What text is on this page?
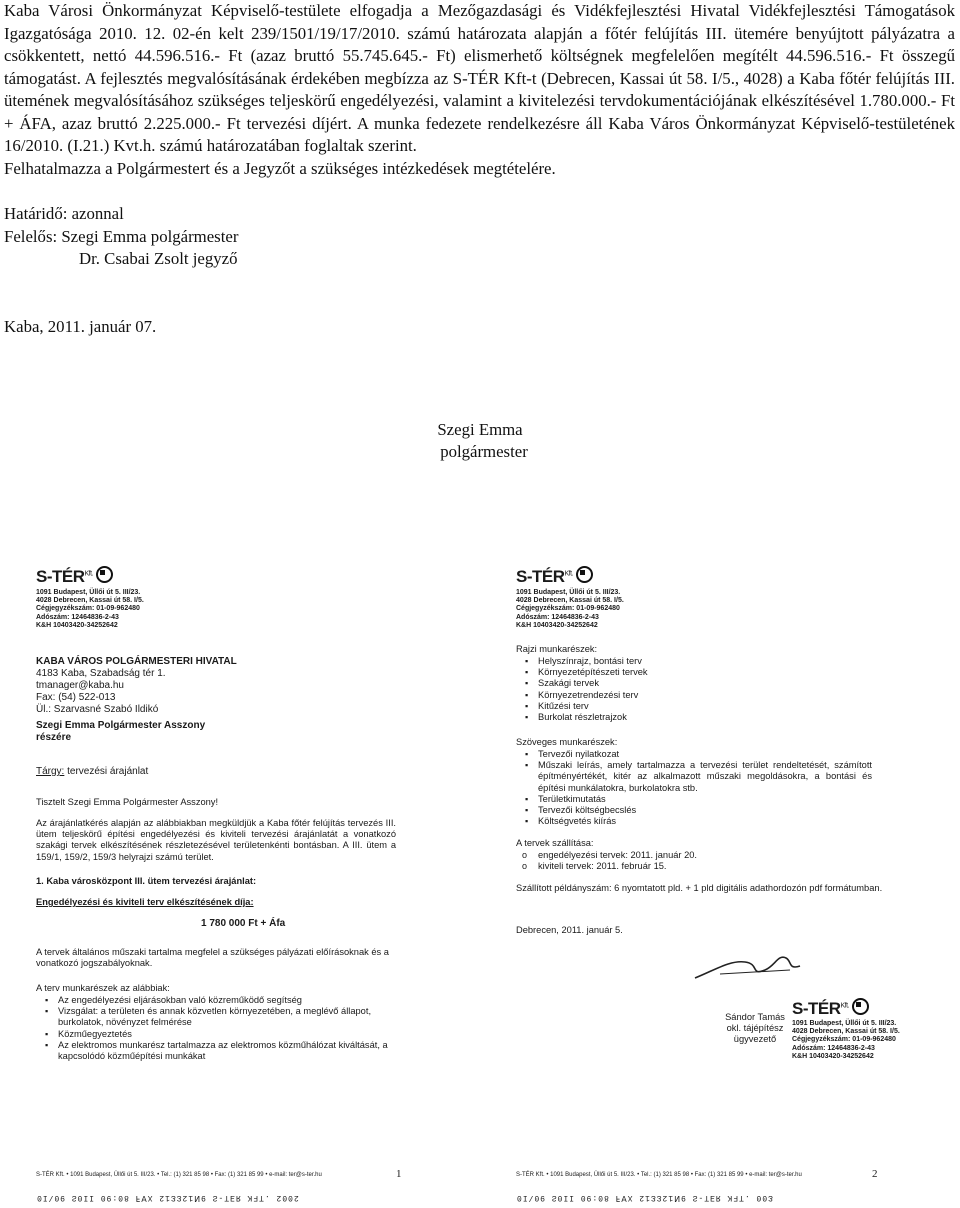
Kaba Városi Önkormányzat Képviselő-testülete elfogadja a Mezőgazdasági és Vidékfejlesztési Hivatal Vidékfejlesztési Támogatások Igazgatósága 2010. 12. 02-én kelt 239/1501/19/17/2010. számú határozata alapján a főtér felújítás III. ütemére benyújtott pályázatra a csökkentett, nettó 44.596.516.- Ft (azaz bruttó 55.745.645.- Ft) elismerhető költségnek megfelelően megítélt 44.596.516.- Ft összegű támogatást. A fejlesztés megvalósításának érdekében megbízza az S-TÉR Kft-t (Debrecen, Kassai út 58. I/5., 4028) a Kaba főtér felújítás III. ütemének megvalósításához szükséges teljeskörű engedélyezési, valamint a kivitelezési tervdokumentációjának elkészítésével 1.780.000.- Ft + ÁFA, azaz bruttó 2.225.000.- Ft tervezési díjért. A munka fedezete rendelkezésre áll Kaba Város Önkormányzat Képviselő-testületének 16/2010. (I.21.) Kvt.h. számú határozatában foglaltak szerint.

Felhatalmazza a Polgármestert és a Jegyzőt a szükséges intézkedések megtételére.

Határidő: azonnal

Felelős: Szegi Emma polgármester

Dr. Csabai Zsolt jegyző

Kaba, 2011. január 07.

Szegi Emma
polgármester
$S-TÉR^{Kft.}$
1091 Budapest, Üllői út 5. III/23.
4028 Debrecen, Kassai út 58. I/5.
Cégjegyzékszám: 01-09-962480
Adószám: 12464836-2-43
K&H 10403420-34252642
KABA VÁROS POLGÁRMESTERI HIVATAL
4183 Kaba, Szabadság tér 1.
tmanager@kaba.hu
Fax: (54) 522-013
Ül.: Szarvasné Szabó Ildikó
Szegi Emma Polgármester Asszony
részére
Tárgy: tervezési árajánlat
Tisztelt Szegi Emma Polgármester Asszony!
Az árajánlatkérés alapján az alábbiakban megküldjük a Kaba főtér felújítás tervezés III. ütem teljeskörű építési engedélyezési és kiviteli tervezési árajánlatát a vonatkozó szakági tervek elkészítésének részletezésével területenkénti bontásban. A III. ütem a 159/1, 159/2, 159/3 helyrajzi számú terület.
1. Kaba városközpont III. ütem tervezési árajánlat:
Engedélyezési és kiviteli terv elkészítésének díja:
1 780 000 Ft + Áfa
A tervek általános műszaki tartalma megfelel a szükséges pályázati előírásoknak és a vonatkozó jogszabályoknak.
A terv munkarészek az alábbiak:
▪ Az engedélyezési eljárásokban való közreműködő segítség
▪ Vizsgálat: a területen és annak közvetlen környezetében, a meglévő állapot, burkolatok, növényzet felmérése
▪ Közműegyeztetés
▪ Az elektromos munkarész tartalmazza az elektromos közműhálózat kiváltását, a kapcsolódó közműépítési munkákat
S-TÉR Kft. • 1091 Budapest, Üllői út 5. III/23. • Tel.: (1) 321 85 98 • Fax: (1) 321 85 99 • e-mail: ter@s-ter.hu	1
2002 .TFK ЯƎT-Ƨ 9Ͷ12ƐƐ12 XⱯꟻ 80:90 ΙΙ0Ƨ 90/Ι0
$S-TÉR^{Kft.}$
1091 Budapest, Üllői út 5. III/23.
4028 Debrecen, Kassai út 58. I/5.
Cégjegyzékszám: 01-09-962480
Adószám: 12464836-2-43
K&H 10403420-34252642
Rajzi munkarészek:
▪ Helyszínrajz, bontási terv
▪ Környezetépítészeti tervek
▪ Szakági tervek
▪ Környezetrendezési terv
▪ Kitűzési terv
▪ Burkolat részletrajzok
Szöveges munkarészek:
▪ Tervezői nyilatkozat
▪ Műszaki leírás, amely tartalmazza a tervezési terület rendeltetését, számított építményértékét, kitér az alkalmazott műszaki megoldásokra, a bontási és építési munkálatokra, burkolatokra stb.
▪ Területkimutatás
▪ Tervezői költségbecslés
▪ Költségvetés kiírás
A tervek szállítása:
o engedélyezési tervek: 2011. január 20.
o kiviteli tervek: 2011. február 15.
Szállított példányszám: 6 nyomtatott pld. + 1 pld digitális adathordozón pdf formátumban.
Debrecen, 2011. január 5.
$S-TÉR^{Kft.}$
1091 Budapest, Üllői út 5. III/23.
4028 Debrecen, Kassai út 58. I/5.
Cégjegyzékszám: 01-09-962480
Adószám: 12464836-2-43
K&H 10403420-34252642
Sándor Tamás
okl. tájépítész
ügyvezető
S-TÉR Kft. • 1091 Budapest, Üllői út 5. III/23. • Tel.: (1) 321 85 98 • Fax: (1) 321 85 99 • e-mail: ter@s-ter.hu	2
Ɛ00 .TFK ЯƎT-Ƨ 9Ͷ12ƐƐ12 XⱯꟻ 80:90 ΙΙ0Ƨ 90/Ι0
